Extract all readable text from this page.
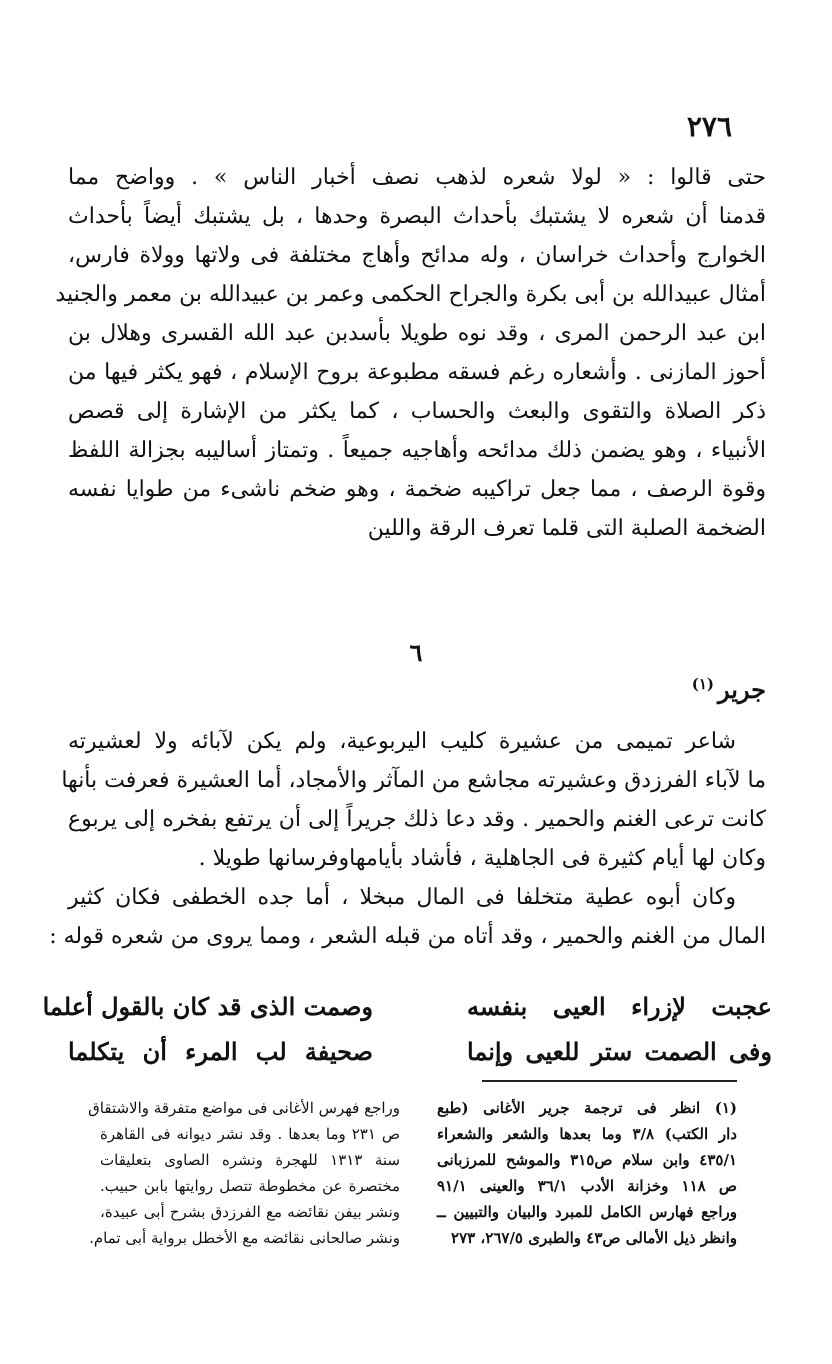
٢٧٦
حتى قالوا : « لولا شعره لذهب نصف أخبار الناس » . وواضح مما
قدمنا أن شعره لا يشتبك بأحداث البصرة وحدها ، بل يشتبك أيضاً بأحداث
الخوارج وأحداث خراسان ، وله مدائح وأهاج مختلفة فى ولاتها وولاة فارس،
أمثال عبيدالله بن أبى بكرة والجراح الحكمى وعمر بن عبيدالله بن معمر والجنيد
ابن عبد الرحمن المرى ، وقد نوه طويلا بأسدبن عبد الله القسرى وهلال بن
أحوز المازنى . وأشعاره رغم فسقه مطبوعة بروح الإسلام ، فهو يكثر فيها من
ذكر الصلاة والتقوى والبعث والحساب ، كما يكثر من الإشارة إلى قصص
الأنبياء ، وهو يضمن ذلك مدائحه وأهاجيه جميعاً . وتمتاز أساليبه بجزالة اللفظ
وقوة الرصف ، مما جعل تراكيبه ضخمة ، وهو ضخم ناشىء من طوايا نفسه
الضخمة الصلبة التى قلما تعرف الرقة واللين
٦
جرير$^{(١)}$
شاعر تميمى من عشيرة كليب اليربوعية، ولم يكن لآبائه ولا لعشيرته
ما لآباء الفرزدق وعشيرته مجاشع من المآثر والأمجاد، أما العشيرة فعرفت بأنها
كانت ترعى الغنم والحمير . وقد دعا ذلك جريراً إلى أن يرتفع بفخره إلى يربوع
وكان لها أيام كثيرة فى الجاهلية ، فأشاد بأيامهاوفرسانها طويلا .
وكان أبوه عطية متخلفا فى المال مبخلا ، أما جده الخطفى فكان كثير
المال من الغنم والحمير ، وقد أتاه من قبله الشعر ، ومما يروى من شعره قوله :
عجبت لإزراء العيى بنفسه
وصمت الذى قد كان بالقول أعلما
وفى الصمت ستر للعيى وإنما
صحيفة لب المرء أن يتكلما
(١) انظر فى ترجمة جرير الأغانى (طبع
دار الكتب) ٣/٨ وما بعدها والشعر والشعراء
٤٣٥/١ وابن سلام ص٣١٥ والموشح للمرزبانى
ص ١١٨ وخزانة الأدب ٣٦/١ والعينى ٩١/١
وراجع فهارس الكامل للمبرد والبيان والتبيين ــ
وانظر ذيل الأمالى ص٤٣ والطبرى ٢٦٧/٥، ٢٧٣
وراجع فهرس الأغانى فى مواضع متفرقة والاشتقاق
ص ٢٣١ وما بعدها . وقد نشر ديوانه فى القاهرة
سنة ١٣١٣ للهجرة ونشره الصاوى بتعليقات
مختصرة عن مخطوطة تتصل روايتها بابن حبيب.
ونشر بيفن نقائضه مع الفرزدق بشرح أبى عبيدة،
ونشر صالحانى نقائضه مع الأخطل برواية أبى تمام.
